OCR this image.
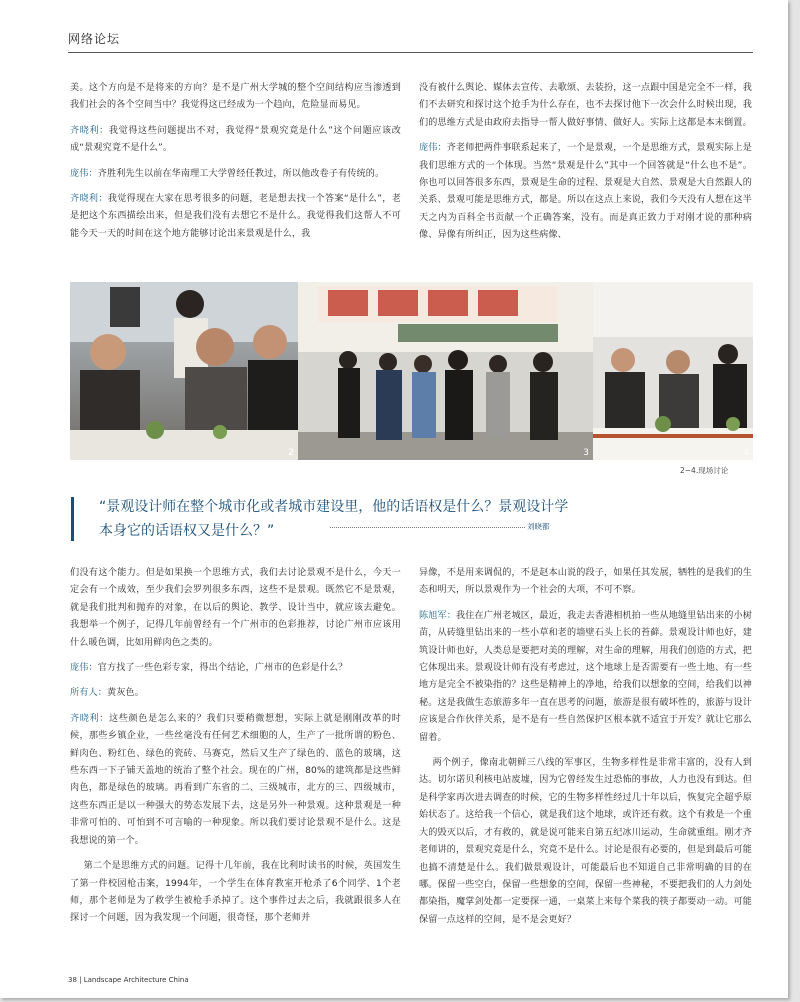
网络论坛

美。这个方向是不是将来的方向？是不是广州大学城的整个空间结构应当渗透到我们社会的各个空间当中？我觉得这已经成为一个趋向，危险显而易见。

齐晓利：我觉得这些问题提出不对，我觉得“景观究竟是什么”这个问题应该改成“景观究竟不是什么”。

庞伟：齐胜利先生以前在华南理工大学曾经任教过，所以他改卷子有传统的。

齐晓利：我觉得现在大家在思考很多的问题，老是想去找一个答案“是什么”，老是把这个东西描绘出来，但是我们没有去想它不是什么。我觉得我们这帮人不可能今天一天的时间在这个地方能够讨论出来景观是什么，我

没有被什么舆论、媒体去宣传、去歌颂、去装扮，这一点跟中国是完全不一样，我们不去研究和探讨这个抢手为什么存在，也不去探讨他下一次会什么时候出现，我们的思维方式是由政府去指导一帮人做好事情、做好人。实际上这都是本末倒置。

庞伟：齐老师把两件事联系起来了，一个是景观，一个是思维方式，景观实际上是我们思维方式的一个体现。当然“景观是什么”其中一个回答就是“什么也不是”。你也可以回答很多东西，景观是生命的过程、景观是大自然、景观是大自然跟人的关系、景观可能是思维方式，都是。所以在这点上来说，我们今天没有人想在这半天之内为百科全书贡献一个正确答案，没有。而是真正致力于对刚才说的那种病像、异像有所纠正，因为这些病像、

2	3	4
2~4.现场讨论
“景观设计师在整个城市化或者城市建设里，他的话语权是什么？景观设计学本身它的话语权又是什么？”	刘晓都

们没有这个能力。但是如果换一个思维方式，我们去讨论景观不是什么，今天一定会有一个成效，至少我们会罗列很多东西，这些不是景观。既然它不是景观，就是我们批判和抛弃的对象，在以后的舆论、教学、设计当中，就应该去避免。我想举一个例子，记得几年前曾经有一个广州市的色彩推荐，讨论广州市应该用什么暖色调，比如用鲜肉色之类的。

庞伟：官方找了一些色彩专家，得出个结论，广州市的色彩是什么？

所有人：黄灰色。

齐晓利：这些颜色是怎么来的？我们只要稍微想想，实际上就是刚刚改革的时候，那些乡镇企业，一些丝毫没有任何艺术细胞的人，生产了一批所谓的粉色、鲜肉色、粉红色、绿色的瓷砖、马赛克，然后又生产了绿色的、蓝色的玻璃，这些东西一下子铺天盖地的统治了整个社会。现在的广州，80%的建筑都是这些鲜肉色，都是绿色的玻璃。再看到广东省的二、三级城市，北方的三、四级城市，这些东西正是以一种强大的势态发展下去，这是另外一种景观。这种景观是一种非常可怕的、可怕到不可言喻的一种现象。所以我们要讨论景观不是什么。这是我想说的第一个。

第二个是思维方式的问题。记得十几年前，我在比利时读书的时候，英国发生了第一件校园枪击案，1994年，一个学生在体育教室开枪杀了6个同学、1个老师，那个老师是为了救学生被枪手杀掉了。这个事件过去之后，我就跟很多人在探讨一个问题，因为我发现一个问题，很奇怪，那个老师并

异像，不是用来调侃的，不是赵本山说的段子，如果任其发展，牺牲的是我们的生态和明天，所以景观作为一个社会的大项，不可不察。

陈旭军：我住在广州老城区，最近，我走去香港相机拍一些从地缝里钻出来的小树苗，从砖缝里钻出来的一些小草和老的墙壁石头上长的苔藓。景观设计师也好，建筑设计师也好，人类总是要把对美的理解，对生命的理解，用我们创造的方式，把它体现出来。景观设计师有没有考虑过，这个地球上是否需要有一些土地、有一些地方是完全不被染指的？这些是精神上的净地，给我们以想象的空间，给我们以神秘。这是我做生态旅游多年一直在思考的问题，旅游是很有破坏性的，旅游与设计应该是合作伙伴关系，是不是有一些自然保护区根本就不适宜于开发？就让它那么留着。

两个例子，像南北朝鲜三八线的军事区，生物多样性是非常丰富的，没有人到达。切尔诺贝利核电站废墟，因为它曾经发生过恐怖的事故，人力也没有到达。但是科学家再次进去调查的时候，它的生物多样性经过几十年以后，恢复完全超乎原始状态了。这给我一个信心，就是我们这个地球，或许还有救。这个有救是一个重大的毁灭以后，才有救的，就是说可能来自第五纪冰川运动，生命就重组。刚才齐老师讲的，景观究竟是什么，究竟不是什么。讨论是很有必要的，但是到最后可能也搞不清楚是什么。我们做景观设计，可能最后也不知道自己非常明确的目的在哪。保留一些空白，保留一些想象的空间，保留一些神秘，不要把我们的人力剑处都染指，魔掌剑处都一定要探一通，一桌菜上来每个菜我的筷子都要动一动。可能保留一点这样的空间，是不是会更好？

38 | Landscape Architecture China
